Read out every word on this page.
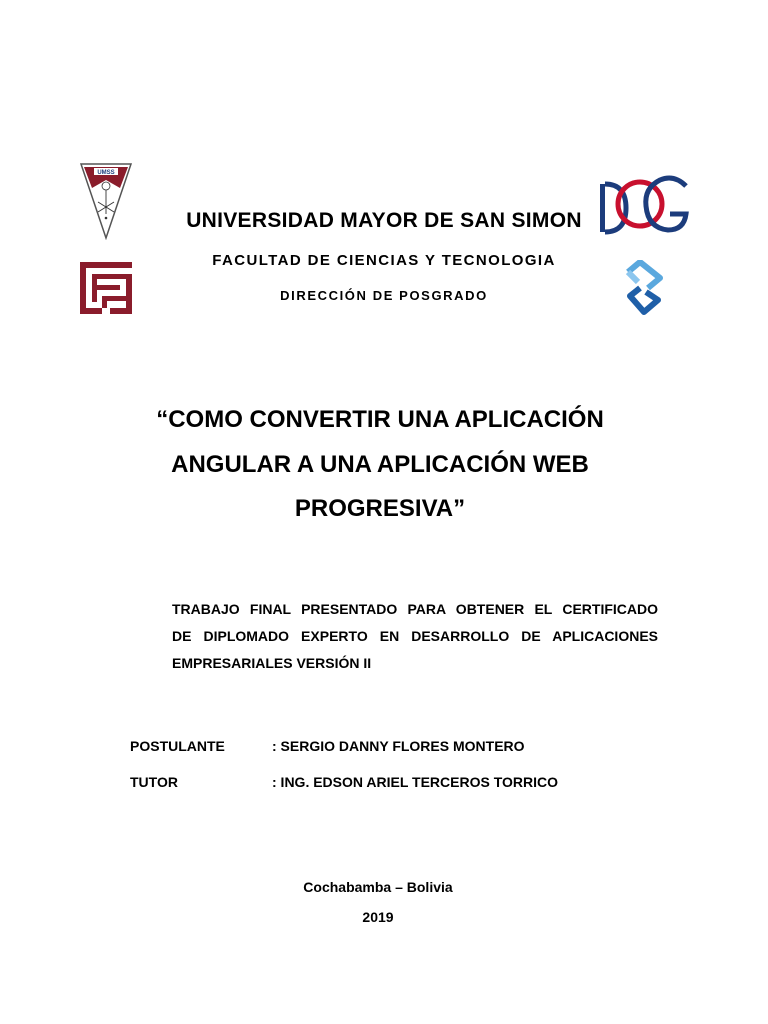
UMSS
UNIVERSIDAD MAYOR DE SAN SIMON
FACULTAD DE CIENCIAS Y TECNOLOGIA
DIRECCIÓN DE POSGRADO
“COMO CONVERTIR UNA APLICACIÓN
ANGULAR A UNA APLICACIÓN WEB
PROGRESIVA”
TRABAJO FINAL PRESENTADO PARA OBTENER EL CERTIFICADO
DE DIPLOMADO EXPERTO EN DESARROLLO DE APLICACIONES
EMPRESARIALES VERSIÓN II
POSTULANTE	: SERGIO DANNY FLORES MONTERO
TUTOR	: ING. EDSON ARIEL TERCEROS TORRICO
Cochabamba – Bolivia
2019
